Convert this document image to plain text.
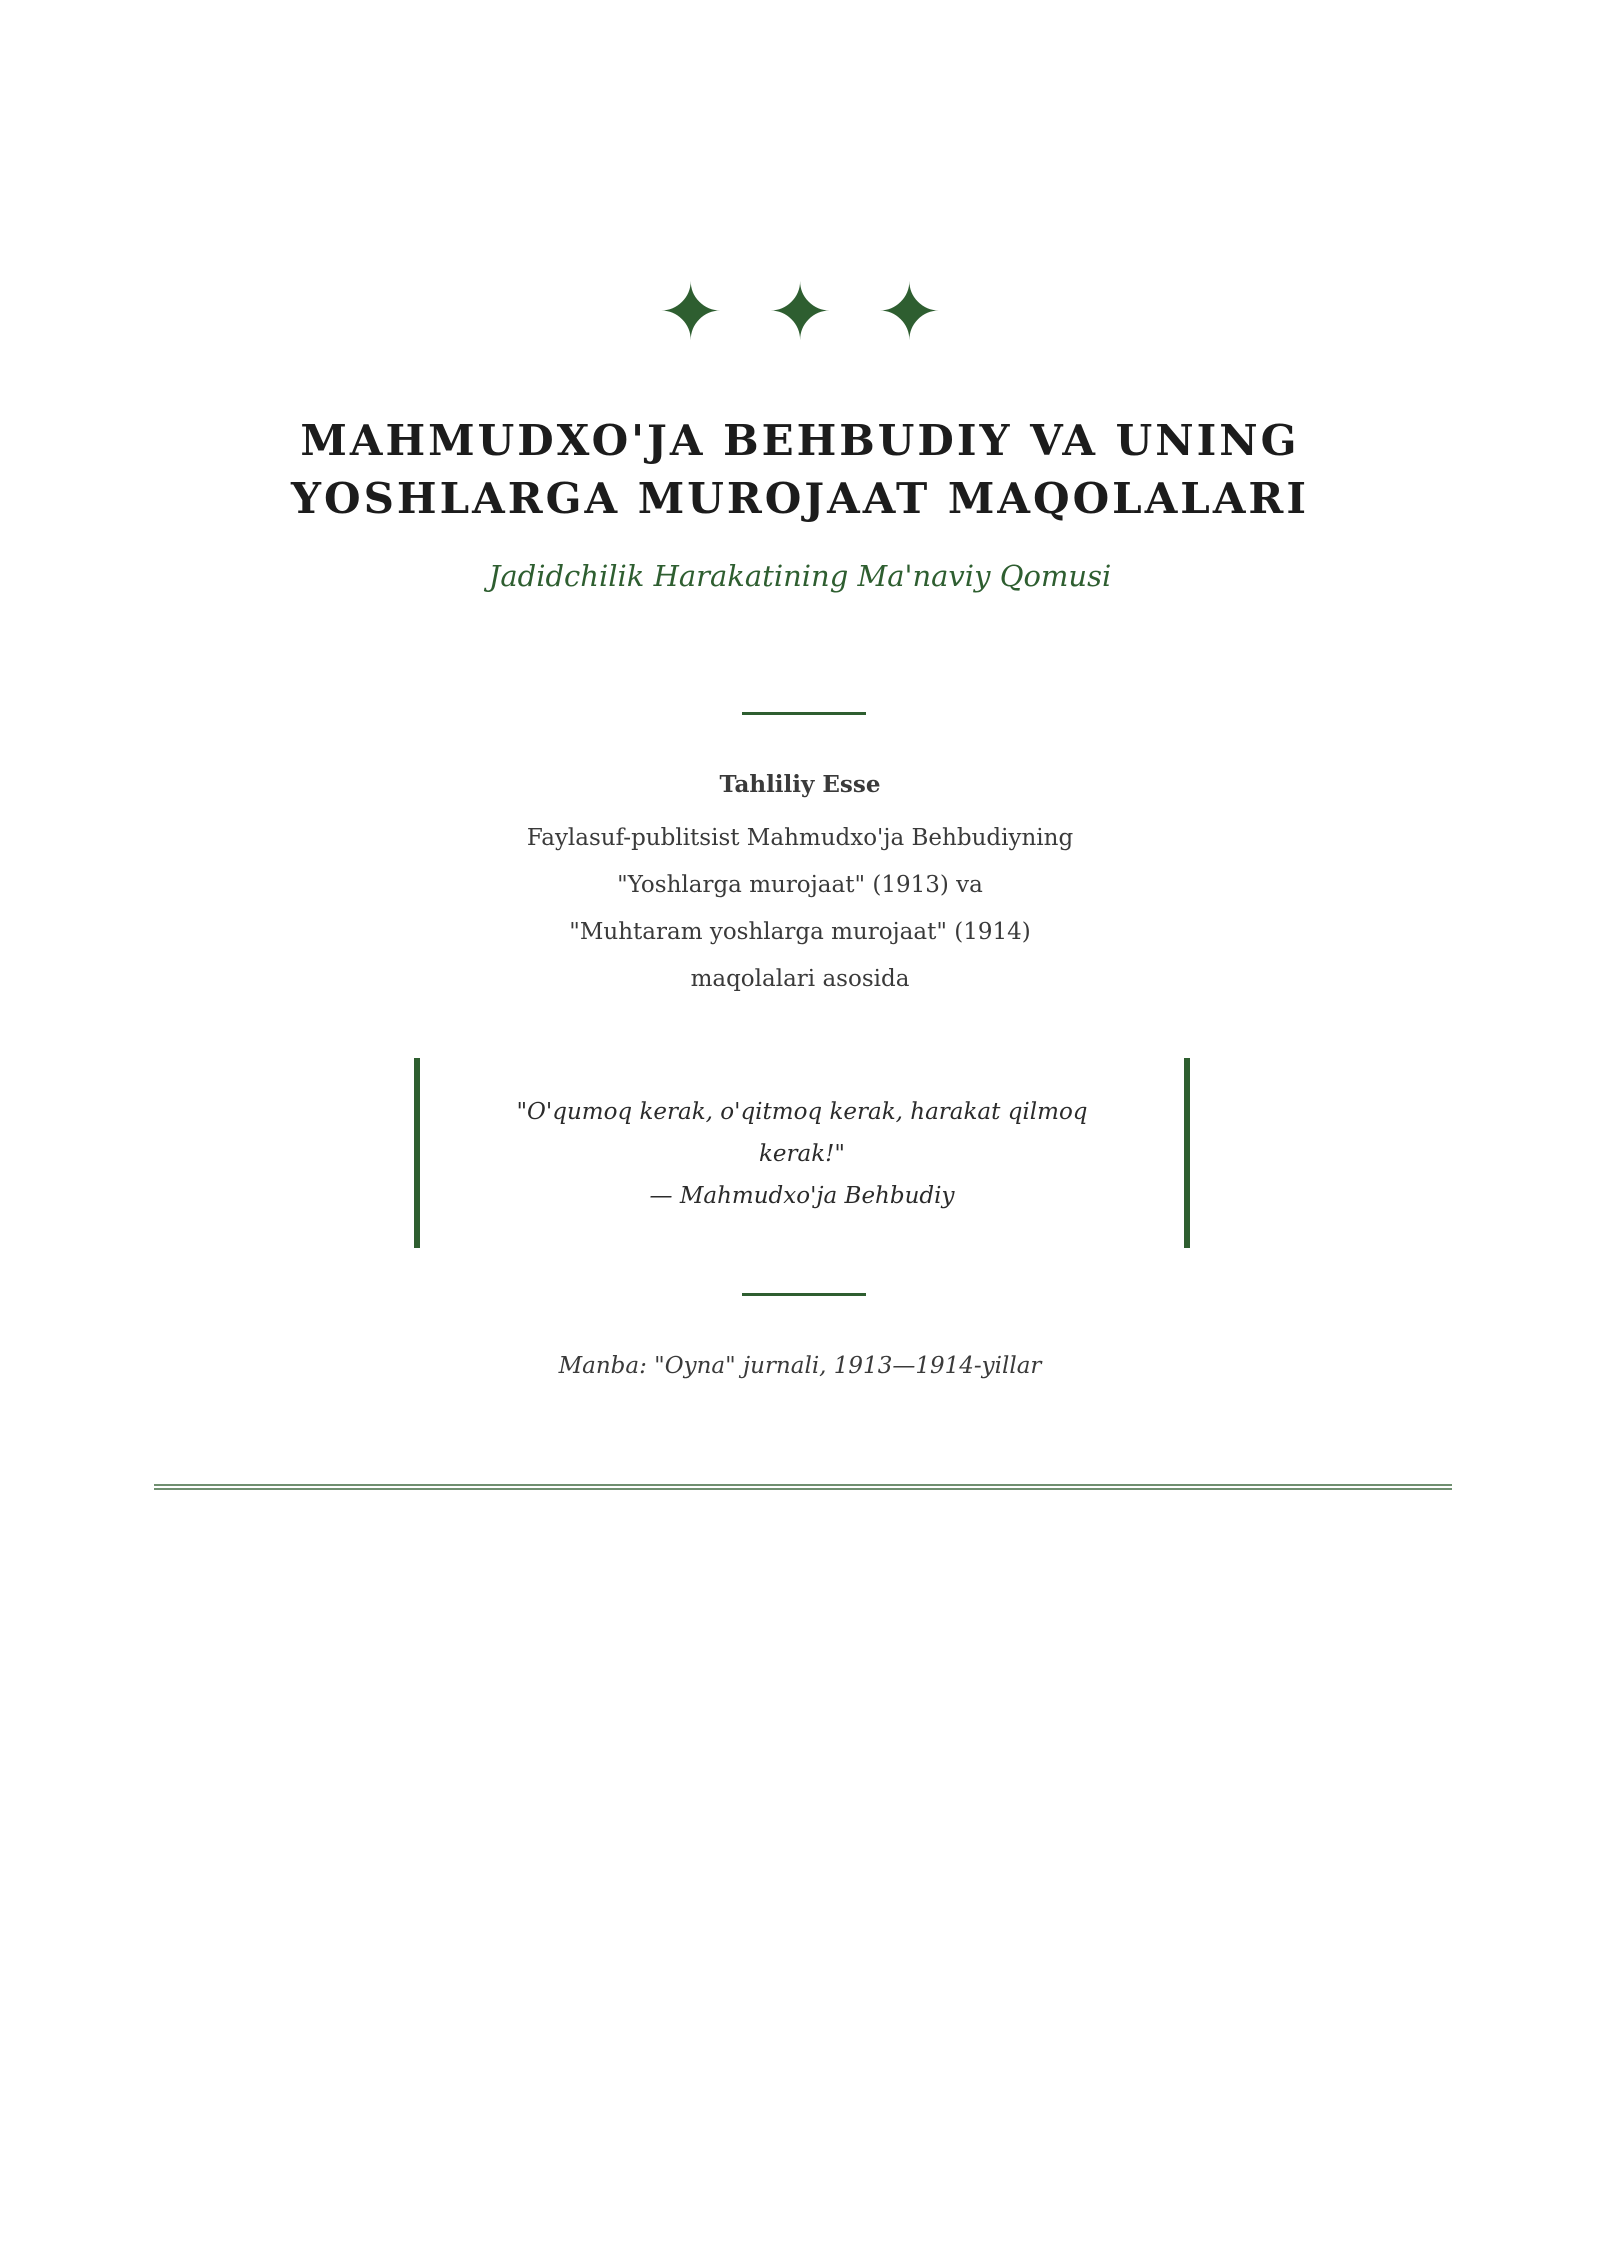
✦ ✦ ✦
MAHMUDXO'JA BEHBUDIY VA UNING
YOSHLARGA MUROJAAT MAQOLALARI
Jadidchilik Harakatining Ma'naviy Qomusi
Tahliliy Esse
Faylasuf-publitsist Mahmudxo'ja Behbudiyning
"Yoshlarga murojaat" (1913) va
"Muhtaram yoshlarga murojaat" (1914)
maqolalari asosida
"O'qumoq kerak, o'qitmoq kerak, harakat qilmoq kerak!"
— Mahmudxo'ja Behbudiy
Manba: "Oyna" jurnali, 1913—1914-yillar
